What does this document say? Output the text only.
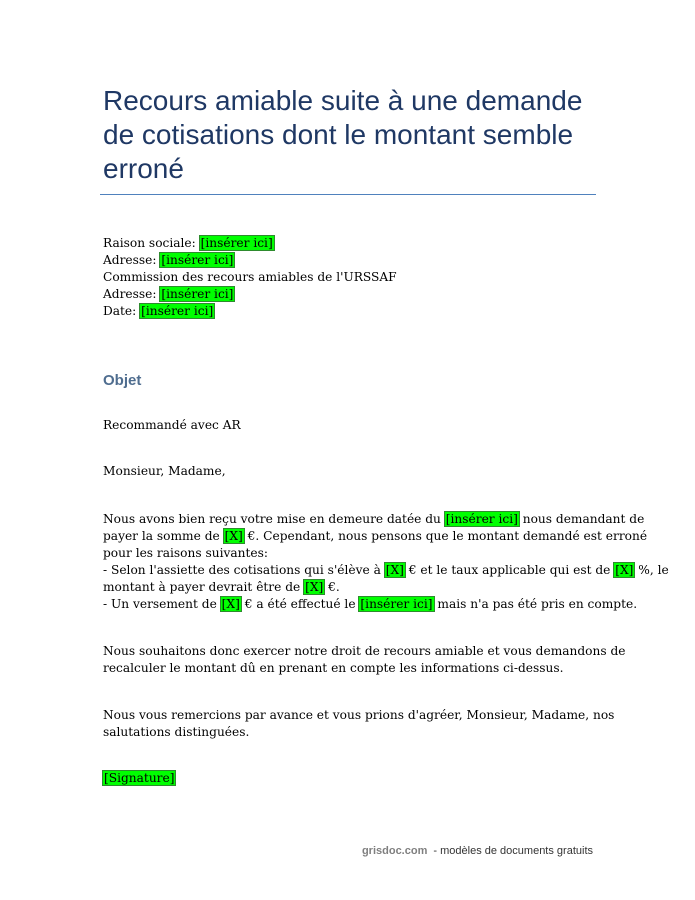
Recours amiable suite à une demande de cotisations dont le montant semble erroné
Raison sociale: [insérer ici]
Adresse: [insérer ici]
Commission des recours amiables de l'URSSAF
Adresse: [insérer ici]
Date: [insérer ici]
Objet
Recommandé avec AR
Monsieur, Madame,
Nous avons bien reçu votre mise en demeure datée du [insérer ici] nous demandant de
payer la somme de [X] €. Cependant, nous pensons que le montant demandé est erroné
pour les raisons suivantes:
- Selon l'assiette des cotisations qui s'élève à [X] € et le taux applicable qui est de [X] %, le
montant à payer devrait être de [X] €.
- Un versement de [X] € a été effectué le [insérer ici] mais n'a pas été pris en compte.
Nous souhaitons donc exercer notre droit de recours amiable et vous demandons de
recalculer le montant dû en prenant en compte les informations ci-dessus.
Nous vous remercions par avance et vous prions d'agréer, Monsieur, Madame, nos
salutations distinguées.
[Signature]
grisdoc.com - modèles de documents gratuits
